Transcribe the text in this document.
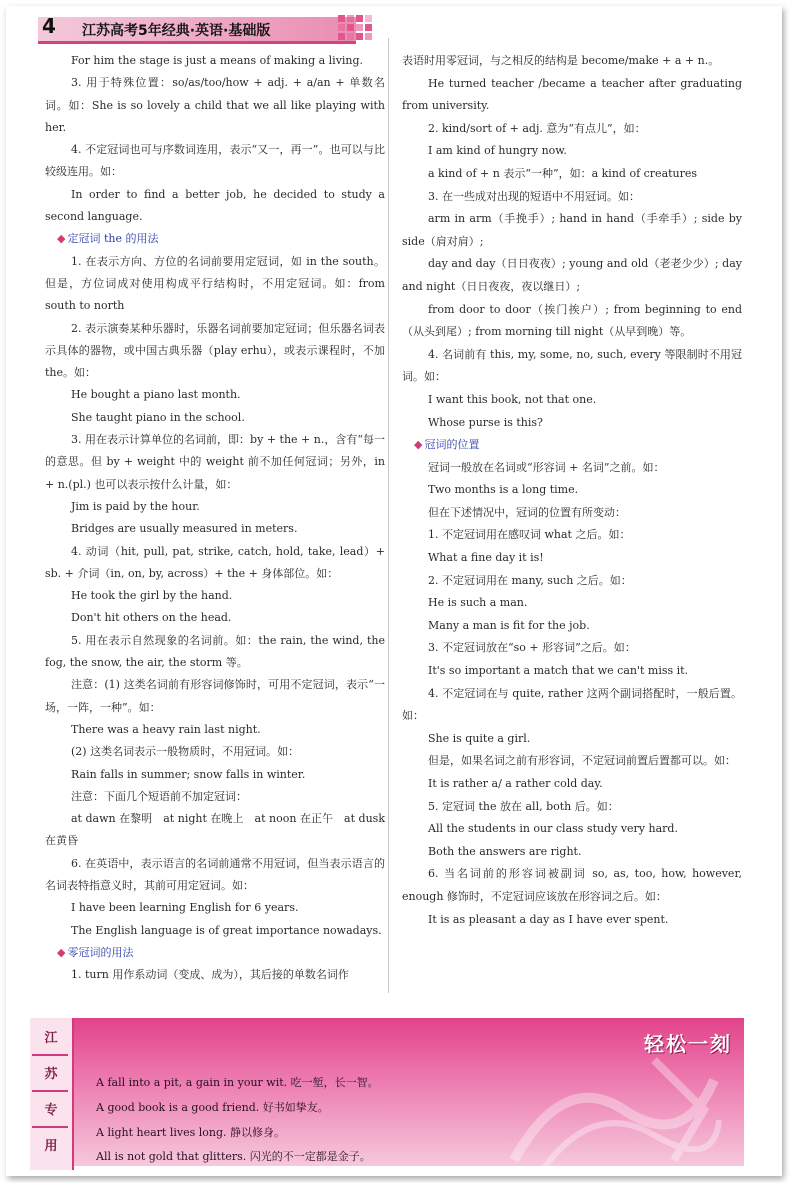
4 江苏高考5年经典·英语·基础版

For him the stage is just a means of making a living.

3. 用于特殊位置：so/as/too/how + adj. + a/an + 单数名词。如：She is so lovely a child that we all like playing with her.

4. 不定冠词也可与序数词连用，表示“又一，再一”。也可以与比较级连用。如：

In order to find a better job, he decided to study a second language.

◆ 定冠词 the 的用法

1. 在表示方向、方位的名词前要用定冠词，如 in the south。但是，方位词成对使用构成平行结构时，不用定冠词。如：from south to north

2. 表示演奏某种乐器时，乐器名词前要加定冠词；但乐器名词表示具体的器物，或中国古典乐器（play erhu），或表示课程时，不加 the。如：

He bought a piano last month.

She taught piano in the school.

3. 用在表示计算单位的名词前，即：by + the + n.，含有“每一的意思。但 by + weight 中的 weight 前不加任何冠词；另外，in + n.(pl.) 也可以表示按什么计量，如：

Jim is paid by the hour.

Bridges are usually measured in meters.

4. 动词（hit, pull, pat, strike, catch, hold, take, lead）+ sb. + 介词（in, on, by, across）+ the + 身体部位。如：

He took the girl by the hand.

Don't hit others on the head.

5. 用在表示自然现象的名词前。如：the rain, the wind, the fog, the snow, the air, the storm 等。

注意：(1) 这类名词前有形容词修饰时，可用不定冠词，表示“一场，一阵，一种”。如：

There was a heavy rain last night.

(2) 这类名词表示一般物质时，不用冠词。如：

Rain falls in summer; snow falls in winter.

注意：下面几个短语前不加定冠词：

at dawn 在黎明　at night 在晚上　at noon 在正午　at dusk 在黄昏

6. 在英语中，表示语言的名词前通常不用冠词，但当表示语言的名词表特指意义时，其前可用定冠词。如：

I have been learning English for 6 years.

The English language is of great importance nowadays.

◆ 零冠词的用法

1. turn 用作系动词（变成、成为），其后接的单数名词作

表语时用零冠词，与之相反的结构是 become/make + a + n.。

He turned teacher /became a teacher after graduating from university.

2. kind/sort of + adj. 意为“有点儿”，如：

I am kind of hungry now.

a kind of + n 表示“一种”，如：a kind of creatures

3. 在一些成对出现的短语中不用冠词。如：

arm in arm（手挽手）; hand in hand（手牵手）; side by side（肩对肩）;

day and day（日日夜夜）; young and old（老老少少）; day and night（日日夜夜，夜以继日）;

from door to door（挨门挨户）; from beginning to end（从头到尾）; from morning till night（从早到晚）等。

4. 名词前有 this, my, some, no, such, every 等限制时不用冠词。如：

I want this book, not that one.

Whose purse is this?

◆ 冠词的位置

冠词一般放在名词或“形容词 + 名词”之前。如：

Two months is a long time.

但在下述情况中，冠词的位置有所变动：

1. 不定冠词用在感叹词 what 之后。如：

What a fine day it is!

2. 不定冠词用在 many, such 之后。如：

He is such a man.

Many a man is fit for the job.

3. 不定冠词放在“so + 形容词”之后。如：

It's so important a match that we can't miss it.

4. 不定冠词在与 quite, rather 这两个副词搭配时，一般后置。如：

She is quite a girl.

但是，如果名词之前有形容词，不定冠词前置后置都可以。如：

It is rather a/ a rather cold day.

5. 定冠词 the 放在 all, both 后。如：

All the students in our class study very hard.

Both the answers are right.

6. 当名词前的形容词被副词 so, as, too, how, however, enough 修饰时，不定冠词应该放在形容词之后。如：

It is as pleasant a day as I have ever spent.

江
苏
专
用
轻松一刻
A fall into a pit, a gain in your wit. 吃一堑，长一智。
A good book is a good friend. 好书如挚友。
A light heart lives long. 静以修身。
All is not gold that glitters. 闪光的不一定都是金子。
